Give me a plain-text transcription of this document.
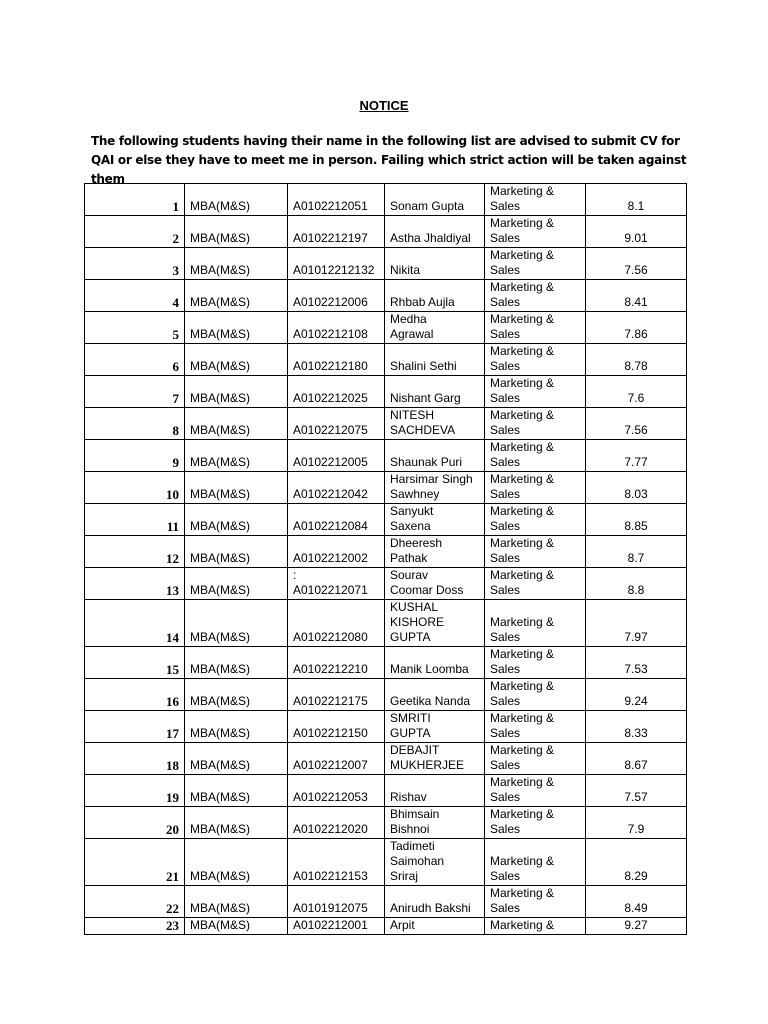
NOTICE
The following students having their name in the following list are advised to submit CV for QAI or else they have to meet me in person. Failing which strict action will be taken against them
1	MBA(M&S)	A0102212051	Sonam Gupta	Marketing &
Sales	8.1
2	MBA(M&S)	A0102212197	Astha Jhaldiyal	Marketing &
Sales	9.01
3	MBA(M&S)	A01012212132	Nikita	Marketing &
Sales	7.56
4	MBA(M&S)	A0102212006	Rhbab Aujla	Marketing &
Sales	8.41
5	MBA(M&S)	A0102212108	Medha
Agrawal	Marketing &
Sales	7.86
6	MBA(M&S)	A0102212180	Shalini Sethi	Marketing &
Sales	8.78
7	MBA(M&S)	A0102212025	Nishant Garg	Marketing &
Sales	7.6
8	MBA(M&S)	A0102212075	NITESH
SACHDEVA	Marketing &
Sales	7.56
9	MBA(M&S)	A0102212005	Shaunak Puri	Marketing &
Sales	7.77
10	MBA(M&S)	A0102212042	Harsimar Singh
Sawhney	Marketing &
Sales	8.03
11	MBA(M&S)	A0102212084	Sanyukt
Saxena	Marketing &
Sales	8.85
12	MBA(M&S)	A0102212002	Dheeresh
Pathak	Marketing &
Sales	8.7
13	MBA(M&S)	:
A0102212071	Sourav
Coomar Doss	Marketing &
Sales	8.8
14	MBA(M&S)	A0102212080	KUSHAL
KISHORE
GUPTA	Marketing &
Sales	7.97
15	MBA(M&S)	A0102212210	Manik Loomba	Marketing &
Sales	7.53
16	MBA(M&S)	A0102212175	Geetika Nanda	Marketing &
Sales	9.24
17	MBA(M&S)	A0102212150	SMRITI
GUPTA	Marketing &
Sales	8.33
18	MBA(M&S)	A0102212007	DEBAJIT
MUKHERJEE	Marketing &
Sales	8.67
19	MBA(M&S)	A0102212053	Rishav	Marketing &
Sales	7.57
20	MBA(M&S)	A0102212020	Bhimsain
Bishnoi	Marketing &
Sales	7.9
21	MBA(M&S)	A0102212153	Tadimeti
Saimohan
Sriraj	Marketing &
Sales	8.29
22	MBA(M&S)	A0101912075	Anirudh Bakshi	Marketing &
Sales	8.49
23	MBA(M&S)	A0102212001	Arpit	Marketing &	9.27
